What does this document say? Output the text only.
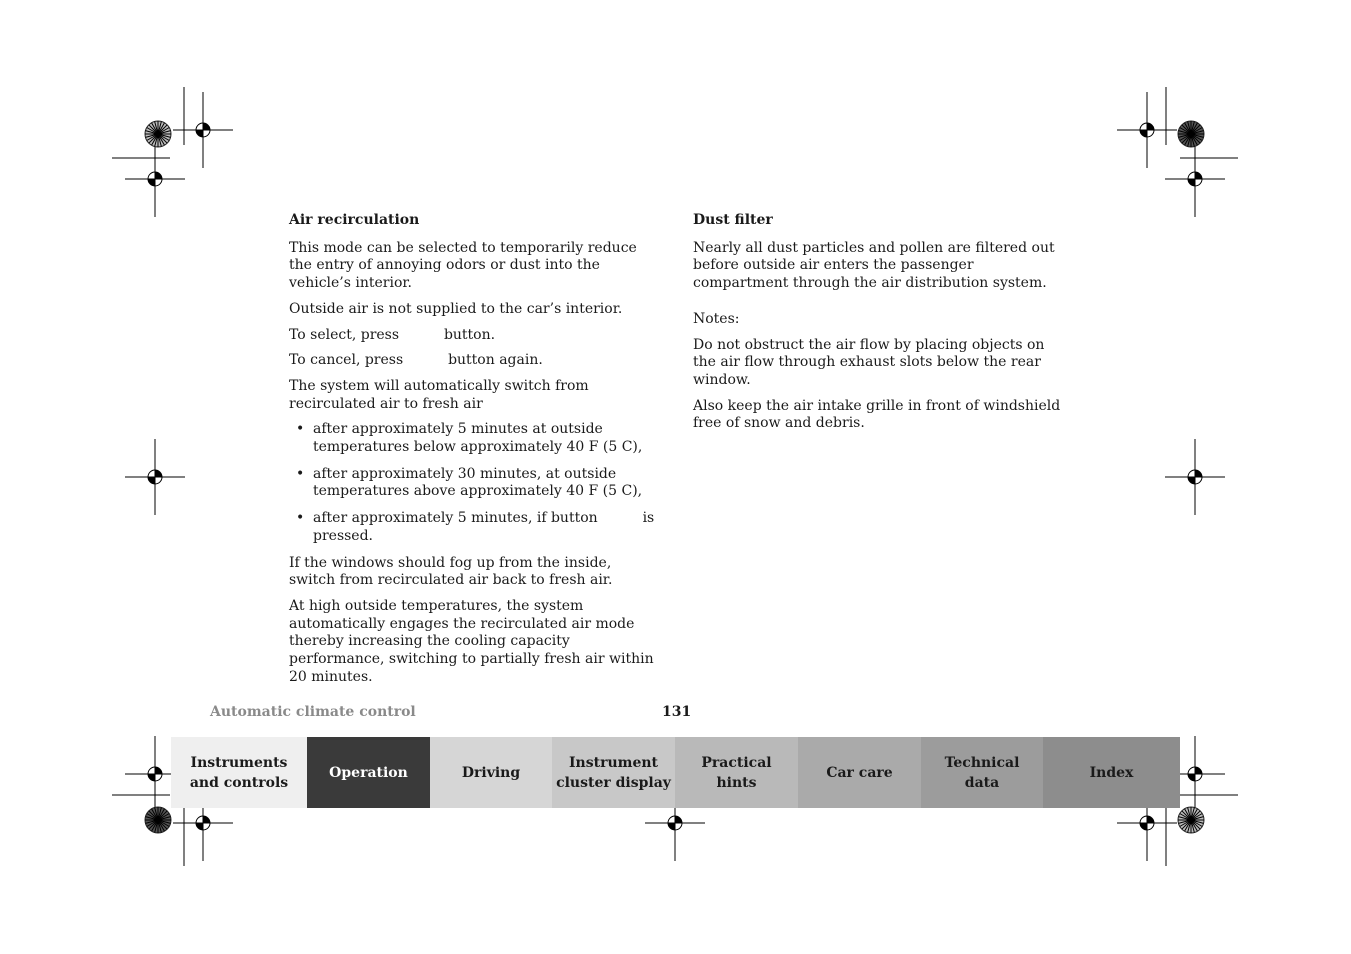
Air recirculation
This mode can be selected to temporarily reduce the entry of annoying odors or dust into the vehicle’s interior.
Outside air is not supplied to the car’s interior.
To select, press	button.
To cancel, press	button again.
The system will automatically switch from recirculated air to fresh air
• after approximately 5 minutes at outside temperatures below approximately 40 F (5 C),
• after approximately 30 minutes, at outside temperatures above approximately 40 F (5 C),
• after approximately 5 minutes, if button	is pressed.
If the windows should fog up from the inside, switch from recirculated air back to fresh air.
At high outside temperatures, the system automatically engages the recirculated air mode thereby increasing the cooling capacity performance, switching to partially fresh air within 20 minutes.
Dust filter
Nearly all dust particles and pollen are filtered out before outside air enters the passenger compartment through the air distribution system.
Notes:
Do not obstruct the air flow by placing objects on the air flow through exhaust slots below the rear window.
Also keep the air intake grille in front of windshield free of snow and debris.
Automatic climate control	131
Instruments
and controls
Operation	Driving
Instrument
cluster display
Practical hints
Car care
Technical
data
Index
